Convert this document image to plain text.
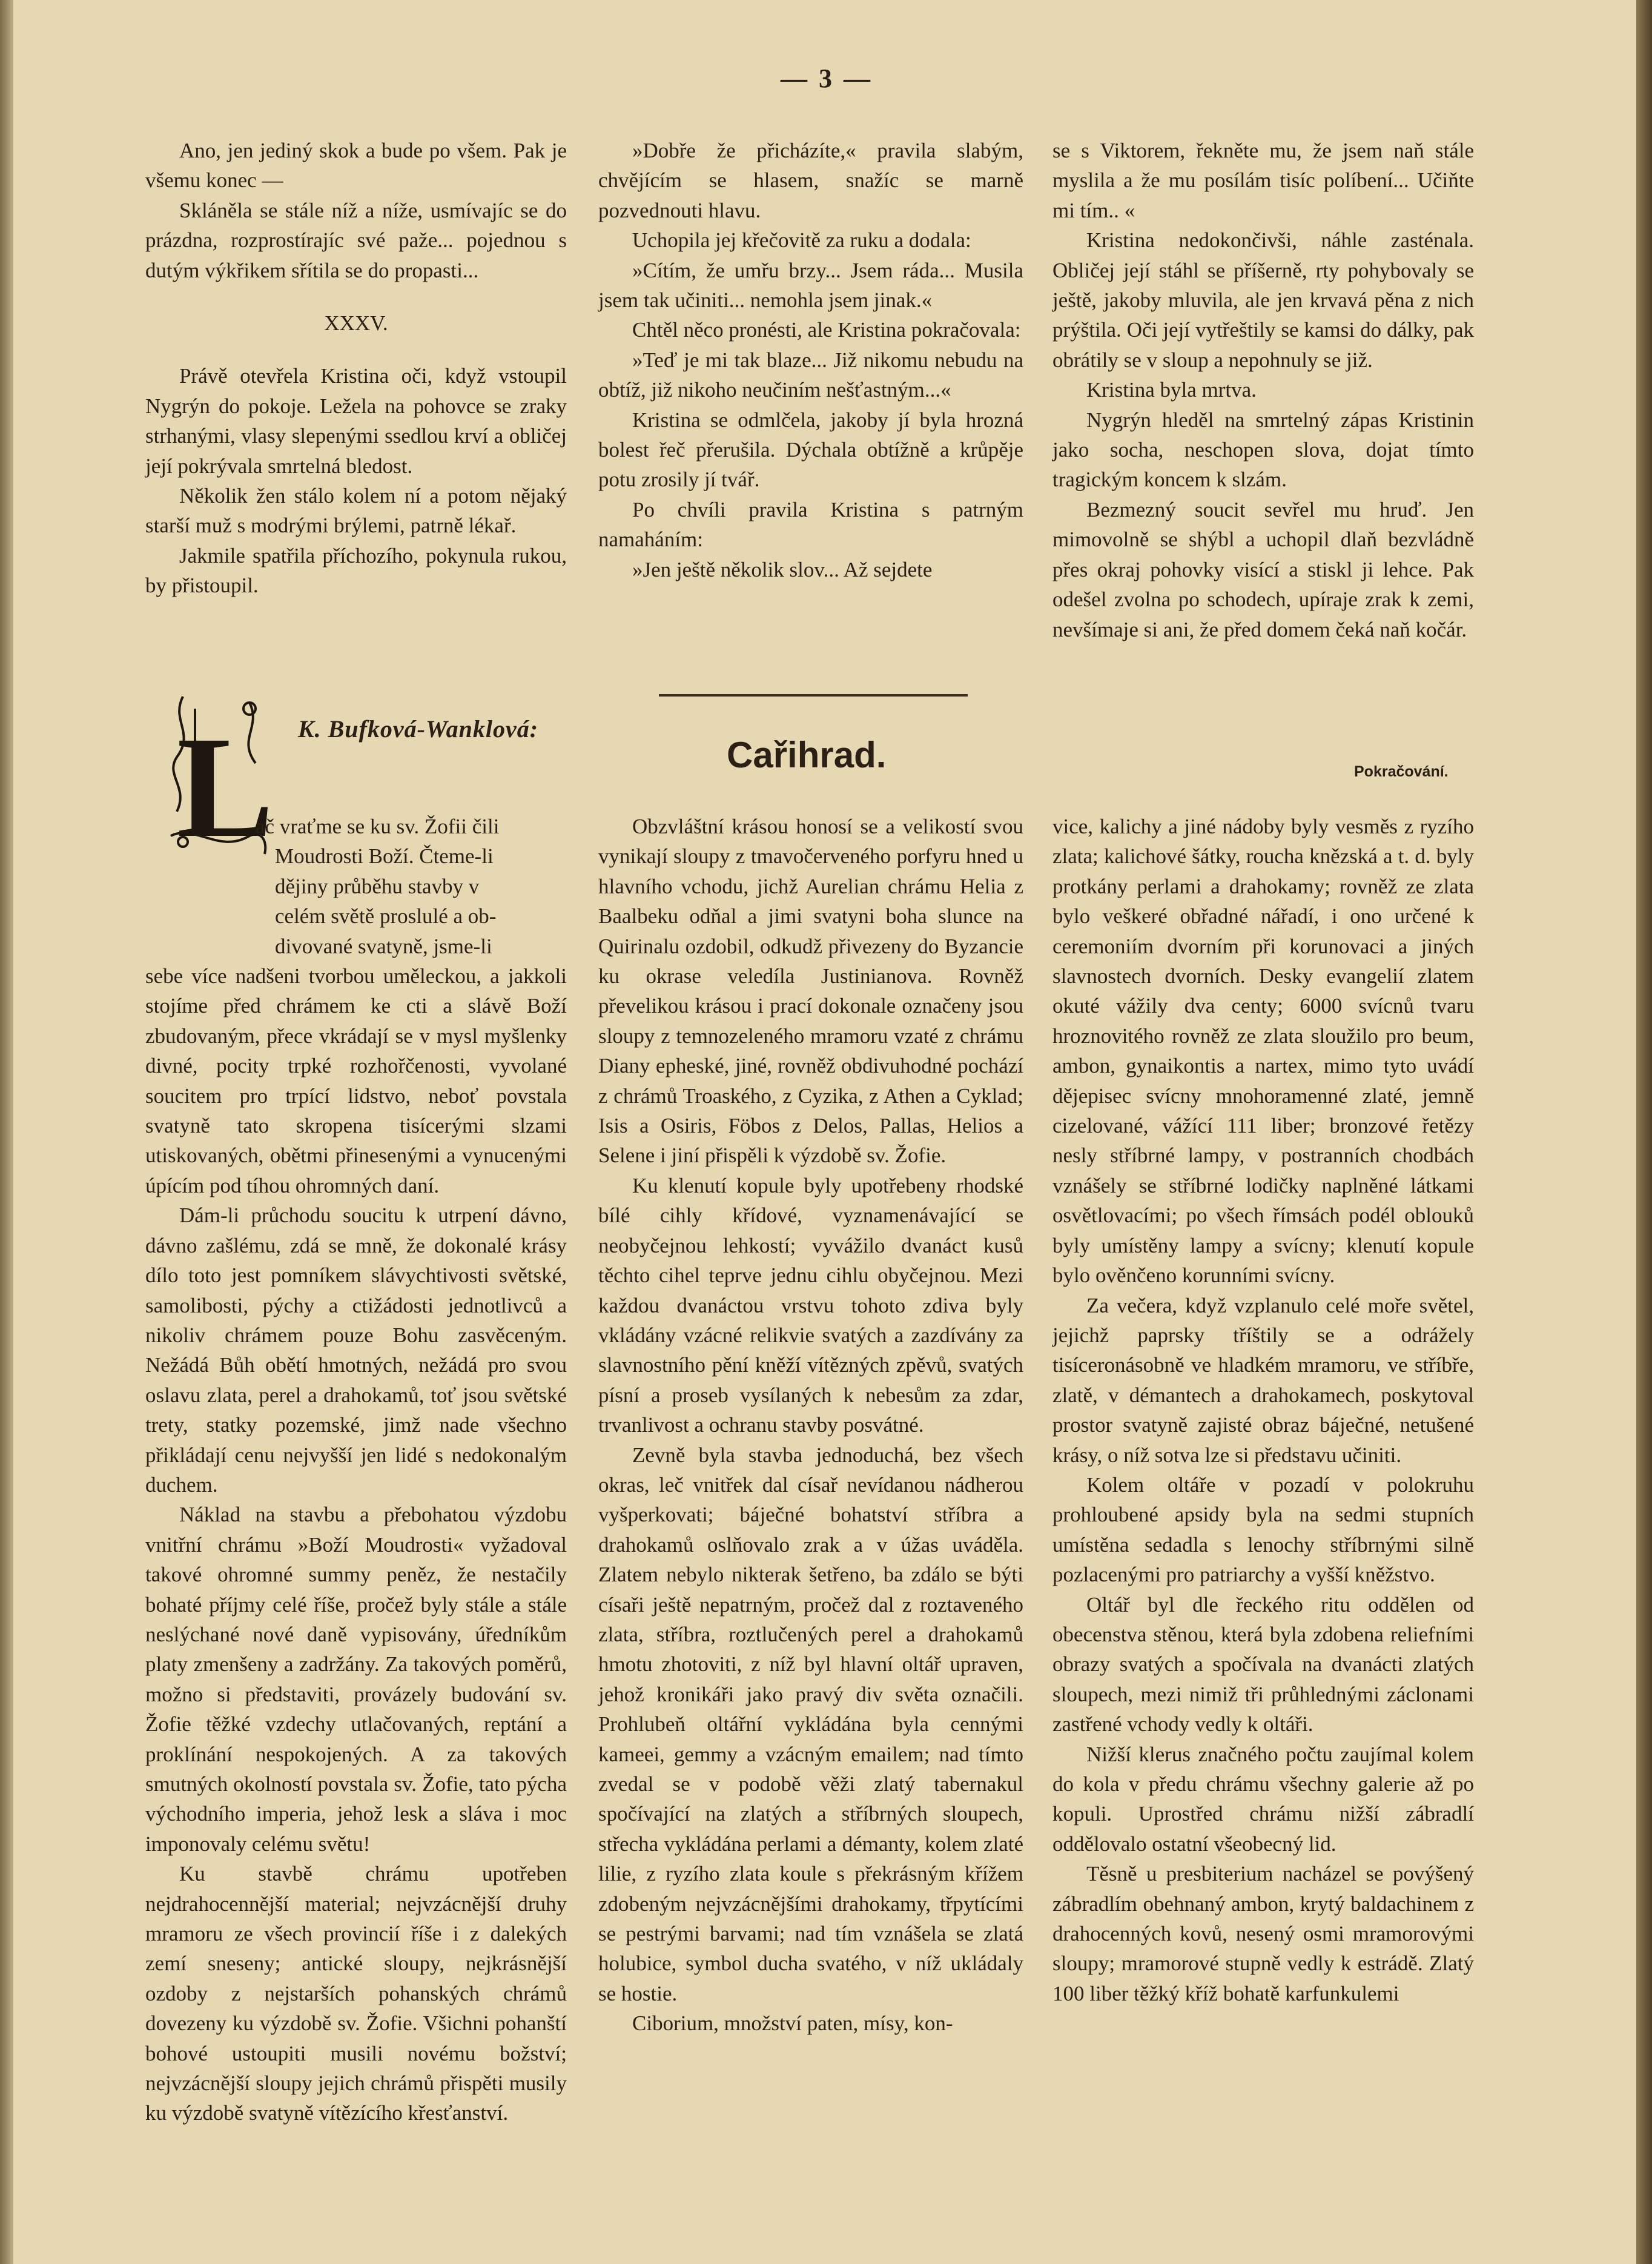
— 3 —

Ano, jen jediný skok a bude po všem. Pak je všemu konec —

Skláněla se stále níž a níže, usmívajíc se do prázdna, rozprostírajíc své paže... pojednou s dutým výkřikem sřítila se do propasti...

XXXV.

Právě otevřela Kristina oči, když vstoupil Nygrýn do pokoje. Ležela na pohovce se zraky strhanými, vlasy slepenými ssedlou krví a obličej její pokrývala smrtelná bledost.

Několik žen stálo kolem ní a potom nějaký starší muž s modrými brýlemi, patrně lékař.

Jakmile spatřila příchozího, pokynula rukou, by přistoupil.

»Dobře že přicházíte,« pravila slabým, chvějícím se hlasem, snažíc se marně pozvednouti hlavu.

Uchopila jej křečovitě za ruku a dodala:

»Cítím, že umřu brzy... Jsem ráda... Musila jsem tak učiniti... nemohla jsem jinak.«

Chtěl něco pronésti, ale Kristina pokračovala:

»Teď je mi tak blaze... Již nikomu nebudu na obtíž, již nikoho neučiním nešťastným...«

Kristina se odmlčela, jakoby jí byla hrozná bolest řeč přerušila. Dýchala obtížně a krůpěje potu zrosily jí tvář.

Po chvíli pravila Kristina s patrným namaháním:

»Jen ještě několik slov... Až sejdete

se s Viktorem, řekněte mu, že jsem naň stále myslila a že mu posílám tisíc políbení... Učiňte mi tím.. «

Kristina nedokončivši, náhle zasténala. Obličej její stáhl se příšerně, rty pohybovaly se ještě, jakoby mluvila, ale jen krvavá pěna z nich prýštila. Oči její vytřeštily se kamsi do dálky, pak obrátily se v sloup a nepohnuly se již.

Kristina byla mrtva.

Nygrýn hleděl na smrtelný zápas Kristinin jako socha, neschopen slova, dojat tímto tragickým koncem k slzám.

Bezmezný soucit sevřel mu hruď. Jen mimovolně se shýbl a uchopil dlaň bezvládně přes okraj pohovky visící a stiskl ji lehce. Pak odešel zvolna po schodech, upíraje zrak k zemi, nevšímaje si ani, že před domem čeká naň kočár.

K. Bufková-Wanklová:
Cařihrad.	Pokračování.
L
ač vraťme se ku sv. Žofii čili
Moudrosti Boží. Čteme-li
dějiny průběhu stavby v
celém světě proslulé a ob-
divované svatyně, jsme-li

sebe více nadšeni tvorbou uměleckou, a jakkoli stojíme před chrámem ke cti a slávě Boží zbudovaným, přece vkrádají se v mysl myšlenky divné, pocity trpké rozhořčenosti, vyvolané soucitem pro trpící lidstvo, neboť povstala svatyně tato skropena tisícerými slzami utiskovaných, obětmi přinesenými a vynucenými úpícím pod tíhou ohromných daní.

Dám-li průchodu soucitu k utrpení dávno, dávno zašlému, zdá se mně, že dokonalé krásy dílo toto jest pomníkem slávychtivosti světské, samolibosti, pýchy a ctižádosti jednotlivců a nikoliv chrámem pouze Bohu zasvěceným. Nežádá Bůh obětí hmotných, nežádá pro svou oslavu zlata, perel a drahokamů, toť jsou světské trety, statky pozemské, jimž nade všechno přikládají cenu nejvyšší jen lidé s nedokonalým duchem.

Náklad na stavbu a přebohatou výzdobu vnitřní chrámu »Boží Moudrosti« vyžadoval takové ohromné summy peněz, že nestačily bohaté příjmy celé říše, pročež byly stále a stále neslýchané nové daně vypisovány, úředníkům platy zmenšeny a zadržány. Za takových poměrů, možno si představiti, provázely budování sv. Žofie těžké vzdechy utlačovaných, reptání a proklínání nespokojených. A za takových smutných okolností povstala sv. Žofie, tato pýcha východního imperia, jehož lesk a sláva i moc imponovaly celému světu!

Ku stavbě chrámu upotřeben nejdrahocennější material; nejvzácnější druhy mramoru ze všech provincií říše i z dalekých zemí sneseny; antické sloupy, nejkrásnější ozdoby z nejstarších pohanských chrámů dovezeny ku výzdobě sv. Žofie. Všichni pohanští bohové ustoupiti musili novému božství; nejvzácnější sloupy jejich chrámů přispěti musily ku výzdobě svatyně vítězícího křesťanství.

Obzvláštní krásou honosí se a velikostí svou vynikají sloupy z tmavočerveného porfyru hned u hlavního vchodu, jichž Aurelian chrámu Helia z Baalbeku odňal a jimi svatyni boha slunce na Quirinalu ozdobil, odkudž přivezeny do Byzancie ku okrase veledíla Justinianova. Rovněž převelikou krásou i prací dokonale označeny jsou sloupy z temnozeleného mramoru vzaté z chrámu Diany epheské, jiné, rovněž obdivuhodné pochází z chrámů Troaského, z Cyzika, z Athen a Cyklad; Isis a Osiris, Föbos z Delos, Pallas, Helios a Selene i jiní přispěli k výzdobě sv. Žofie.

Ku klenutí kopule byly upotřebeny rhodské bílé cihly křídové, vyznamenávající se neobyčejnou lehkostí; vyvážilo dvanáct kusů těchto cihel teprve jednu cihlu obyčejnou. Mezi každou dvanáctou vrstvu tohoto zdiva byly vkládány vzácné relikvie svatých a zazdívány za slavnostního pění kněží vítězných zpěvů, svatých písní a proseb vysílaných k nebesům za zdar, trvanlivost a ochranu stavby posvátné.

Zevně byla stavba jednoduchá, bez všech okras, leč vnitřek dal císař nevídanou nádherou vyšperkovati; báječné bohatství stříbra a drahokamů oslňovalo zrak a v úžas uváděla. Zlatem nebylo nikterak šetřeno, ba zdálo se býti císaři ještě nepatrným, pročež dal z roztaveného zlata, stříbra, roztlučených perel a drahokamů hmotu zhotoviti, z níž byl hlavní oltář upraven, jehož kronikáři jako pravý div světa označili. Prohlubeň oltářní vykládána byla cennými kameei, gemmy a vzácným emailem; nad tímto zvedal se v podobě věži zlatý tabernakul spočívající na zlatých a stříbrných sloupech, střecha vykládána perlami a démanty, kolem zlaté lilie, z ryzího zlata koule s překrásným křížem zdobeným nejvzácnějšími drahokamy, třpytícími se pestrými barvami; nad tím vznášela se zlatá holubice, symbol ducha svatého, v níž ukládaly se hostie.

Ciborium, množství paten, mísy, kon-

vice, kalichy a jiné nádoby byly vesměs z ryzího zlata; kalichové šátky, roucha knězská a t. d. byly protkány perlami a drahokamy; rovněž ze zlata bylo veškeré obřadné nářadí, i ono určené k ceremoniím dvorním při korunovaci a jiných slavnostech dvorních. Desky evangelií zlatem okuté vážily dva centy; 6000 svícnů tvaru hroznovitého rovněž ze zlata sloužilo pro beum, ambon, gynaikontis a nartex, mimo tyto uvádí dějepisec svícny mnohoramenné zlaté, jemně cizelované, vážící 111 liber; bronzové řetězy nesly stříbrné lampy, v postranních chodbách vznášely se stříbrné lodičky naplněné látkami osvětlovacími; po všech římsách podél oblouků byly umístěny lampy a svícny; klenutí kopule bylo ověnčeno korunními svícny.

Za večera, když vzplanulo celé moře světel, jejichž paprsky tříštily se a odrážely tisíceronásobně ve hladkém mramoru, ve stříbře, zlatě, v démantech a drahokamech, poskytoval prostor svatyně zajisté obraz báječné, netušené krásy, o níž sotva lze si představu učiniti.

Kolem oltáře v pozadí v polokruhu prohloubené apsidy byla na sedmi stupních umístěna sedadla s lenochy stříbrnými silně pozlacenými pro patriarchy a vyšší kněžstvo.

Oltář byl dle řeckého ritu oddělen od obecenstva stěnou, která byla zdobena reliefními obrazy svatých a spočívala na dvanácti zlatých sloupech, mezi nimiž tři průhlednými záclonami zastřené vchody vedly k oltáři.

Nižší klerus značného počtu zaujímal kolem do kola v předu chrámu všechny galerie až po kopuli. Uprostřed chrámu nižší zábradlí oddělovalo ostatní všeobecný lid.

Těsně u presbiterium nacházel se povýšený zábradlím obehnaný ambon, krytý baldachinem z drahocenných kovů, nesený osmi mramorovými sloupy; mramorové stupně vedly k estrádě. Zlatý 100 liber těžký kříž bohatě karfunkulemi
